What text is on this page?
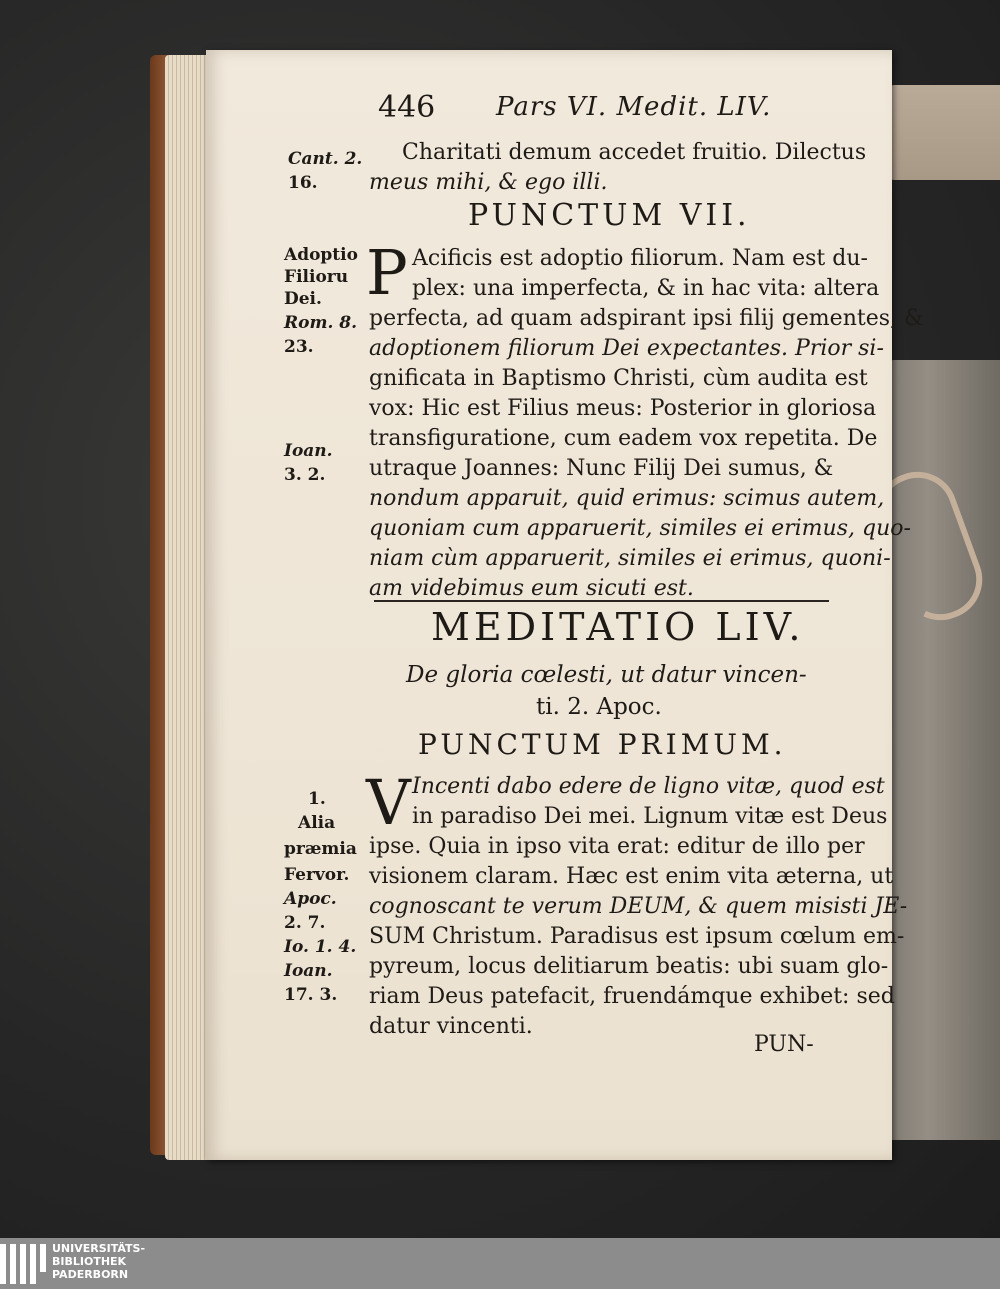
446 Pars VI. Medit. LIV.
Charitati demum accedet fruitio. Dilectus
meus mihi, & ego illi.
Cant. 2.
16.
PUNCTUM VII.
P Acificis est adoptio filiorum. Nam est du-
plex: una imperfecta, & in hac vita: altera
perfecta, ad quam adspirant ipsi filij gementes, &
adoptionem filiorum Dei expectantes. Prior si-
gnificata in Baptismo Christi, cùm audita est
vox: Hic est Filius meus: Posterior in gloriosa
transfiguratione, cum eadem vox repetita. De
utraque Joannes: Nunc Filij Dei sumus, &
nondum apparuit, quid erimus: scimus autem,
quoniam cum apparuerit, similes ei erimus, quo-
niam cùm apparuerit, similes ei erimus, quoni-
am videbimus eum sicuti est.
Adoptio
Filioru
Dei.
Rom. 8.
23.
Ioan.
3. 2.
MEDITATIO LIV.
De gloria cœlesti, ut datur vincen-
ti. 2. Apoc.
PUNCTUM PRIMUM.
V Incenti dabo edere de ligno vitæ, quod est
in paradiso Dei mei. Lignum vitæ est Deus
ipse. Quia in ipso vita erat: editur de illo per
visionem claram. Hæc est enim vita æterna, ut
cognoscant te verum DEUM, & quem misisti JE-
SUM Christum. Paradisus est ipsum cœlum em-
pyreum, locus delitiarum beatis: ubi suam glo-
riam Deus patefacit, fruendámque exhibet: sed
datur vincenti.
PUN-
1.
Alia
præmia
Fervor.
Apoc.
2. 7.
Io. 1. 4.
Ioan.
17. 3.
UNIVERSITÄTS-
BIBLIOTHEK
PADERBORN
